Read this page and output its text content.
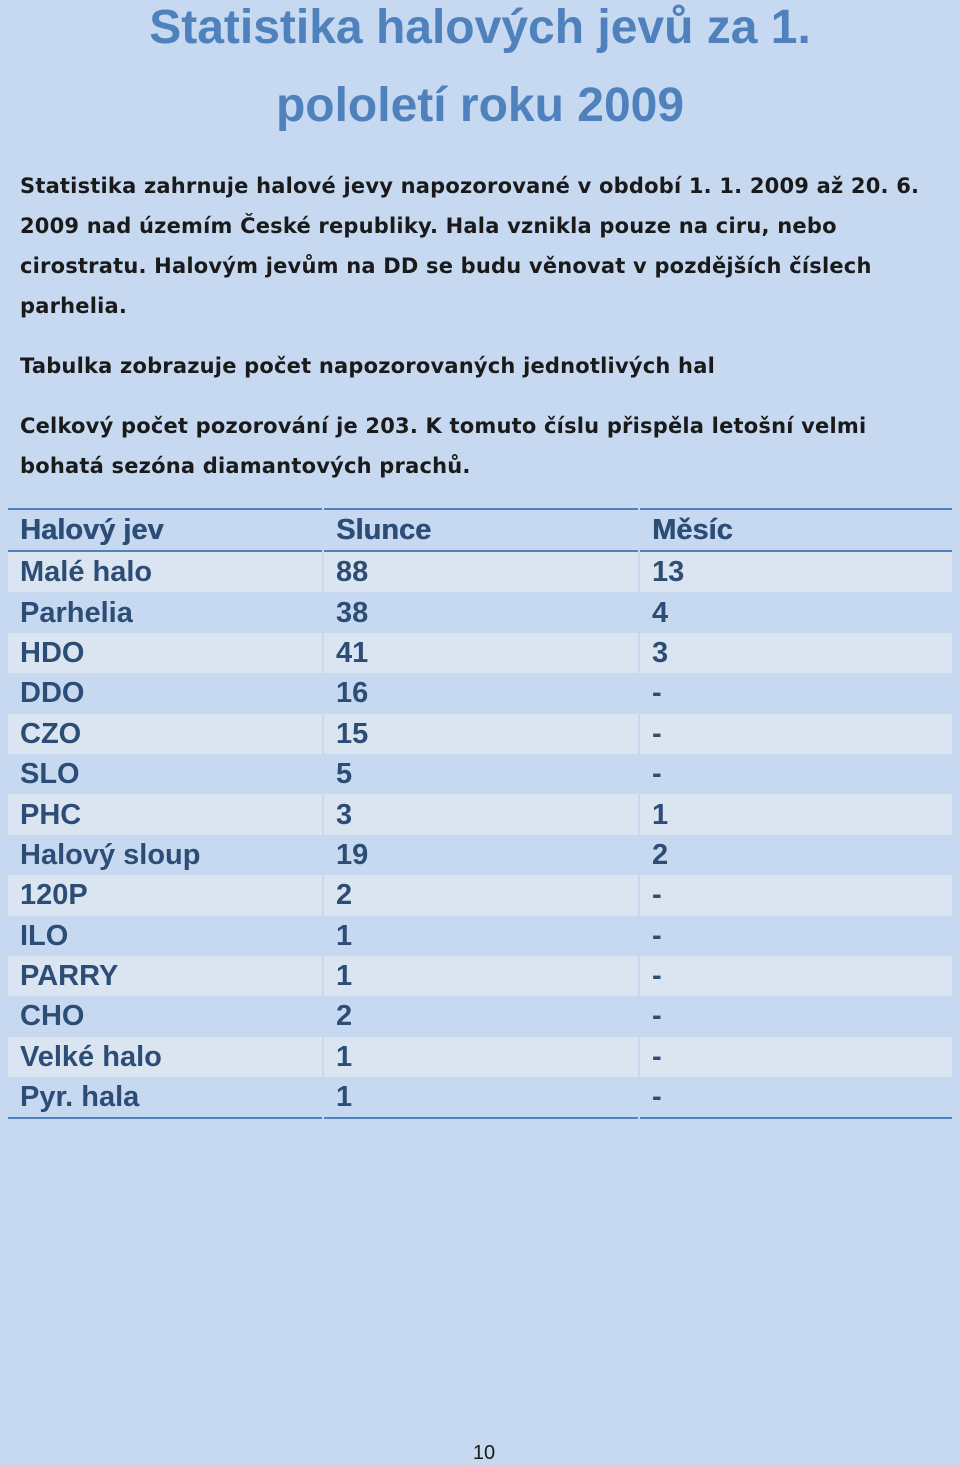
Statistika halových jevů za 1.
pololetí roku 2009

Statistika zahrnuje halové jevy napozorované v období 1. 1. 2009 až 20. 6. 2009 nad územím České republiky. Hala vznikla pouze na ciru, nebo cirostratu. Halovým jevům na DD se budu věnovat v pozdějších číslech parhelia.

Tabulka zobrazuje počet napozorovaných jednotlivých hal

Celkový počet pozorování je 203. K tomuto číslu přispěla letošní velmi bohatá sezóna diamantových prachů.

Halový jev	Slunce	Měsíc
Malé halo	88	13
Parhelia	38	4
HDO	41	3
DDO	16	-
CZO	15	-
SLO	5	-
PHC	3	1
Halový sloup	19	2
120P	2	-
ILO	1	-
PARRY	1	-
CHO	2	-
Velké halo	1	-
Pyr. hala	1	-
10
